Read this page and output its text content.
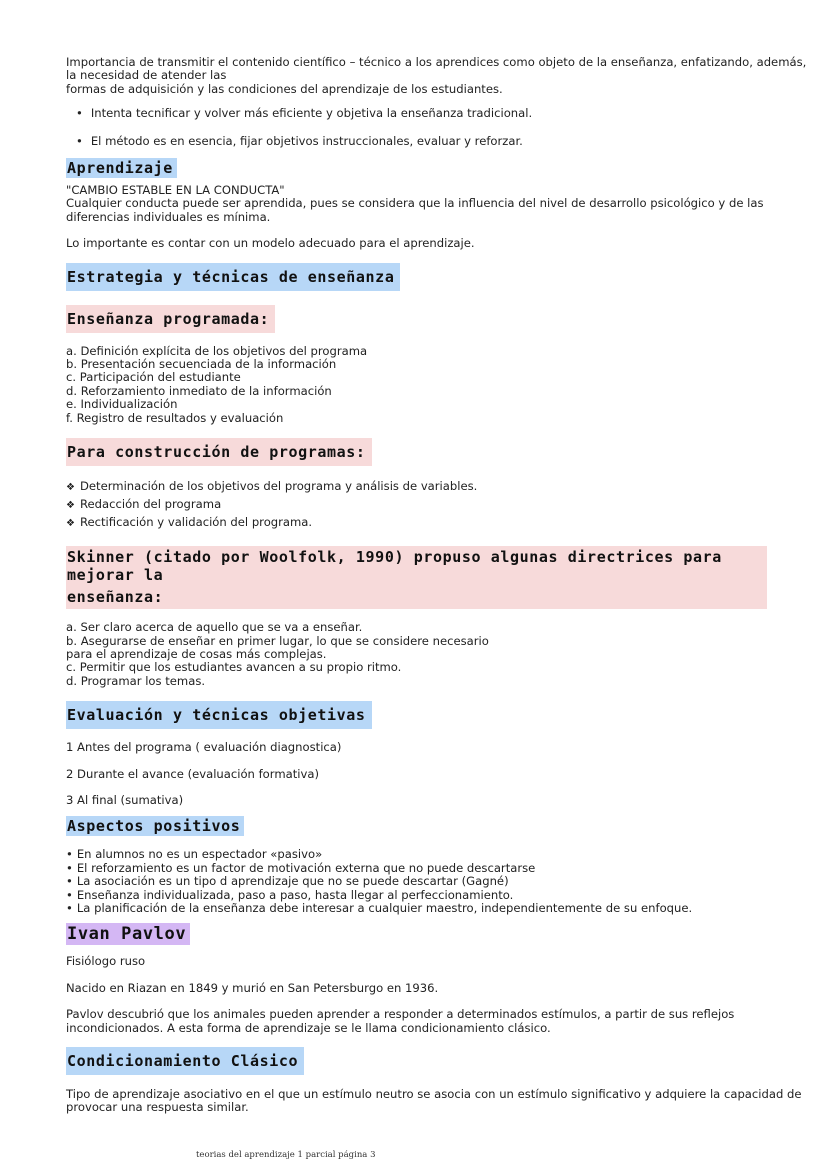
Importancia de transmitir el contenido científico – técnico a los aprendices como objeto de la enseñanza, enfatizando, además, la necesidad de atender las

formas de adquisición y las condiciones del aprendizaje de los estudiantes.

• Intenta tecnificar y volver más eficiente y objetiva la enseñanza tradicional.
• El método es en esencia, fijar objetivos instruccionales, evaluar y reforzar.
Aprendizaje

"CAMBIO ESTABLE EN LA CONDUCTA"

Cualquier conducta puede ser aprendida, pues se considera que la influencia del nivel de desarrollo psicológico y de las diferencias individuales es mínima.

Lo importante es contar con un modelo adecuado para el aprendizaje.

Estrategia y técnicas de enseñanza
Enseñanza programada:

a. Definición explícita de los objetivos del programa

b. Presentación secuenciada de la información

c. Participación del estudiante

d. Reforzamiento inmediato de la información

e. Individualización

f. Registro de resultados y evaluación

Para construcción de programas:
❖ Determinación de los objetivos del programa y análisis de variables.
❖ Redacción del programa
❖ Rectificación y validación del programa.
Skinner (citado por Woolfolk, 1990) propuso algunas directrices para mejorar la
enseñanza:

a. Ser claro acerca de aquello que se va a enseñar.

b. Asegurarse de enseñar en primer lugar, lo que se considere necesario

para el aprendizaje de cosas más complejas.

c. Permitir que los estudiantes avancen a su propio ritmo.

d. Programar los temas.

Evaluación y técnicas objetivas

1 Antes del programa ( evaluación diagnostica)

2 Durante el avance (evaluación formativa)

3 Al final (sumativa)

Aspectos positivos
• En alumnos no es un espectador «pasivo»
• El reforzamiento es un factor de motivación externa que no puede descartarse
• La asociación es un tipo d aprendizaje que no se puede descartar (Gagné)
• Enseñanza individualizada, paso a paso, hasta llegar al perfeccionamiento.
• La planificación de la enseñanza debe interesar a cualquier maestro, independientemente de su enfoque.
Ivan Pavlov

Fisiólogo ruso

Nacido en Riazan en 1849 y murió en San Petersburgo en 1936.

Pavlov descubrió que los animales pueden aprender a responder a determinados estímulos, a partir de sus reflejos incondicionados. A esta forma de aprendizaje se le llama condicionamiento clásico.

Condicionamiento Clásico

Tipo de aprendizaje asociativo en el que un estímulo neutro se asocia con un estímulo significativo y adquiere la capacidad de provocar una respuesta similar.

teorias del aprendizaje 1 parcial página 3
